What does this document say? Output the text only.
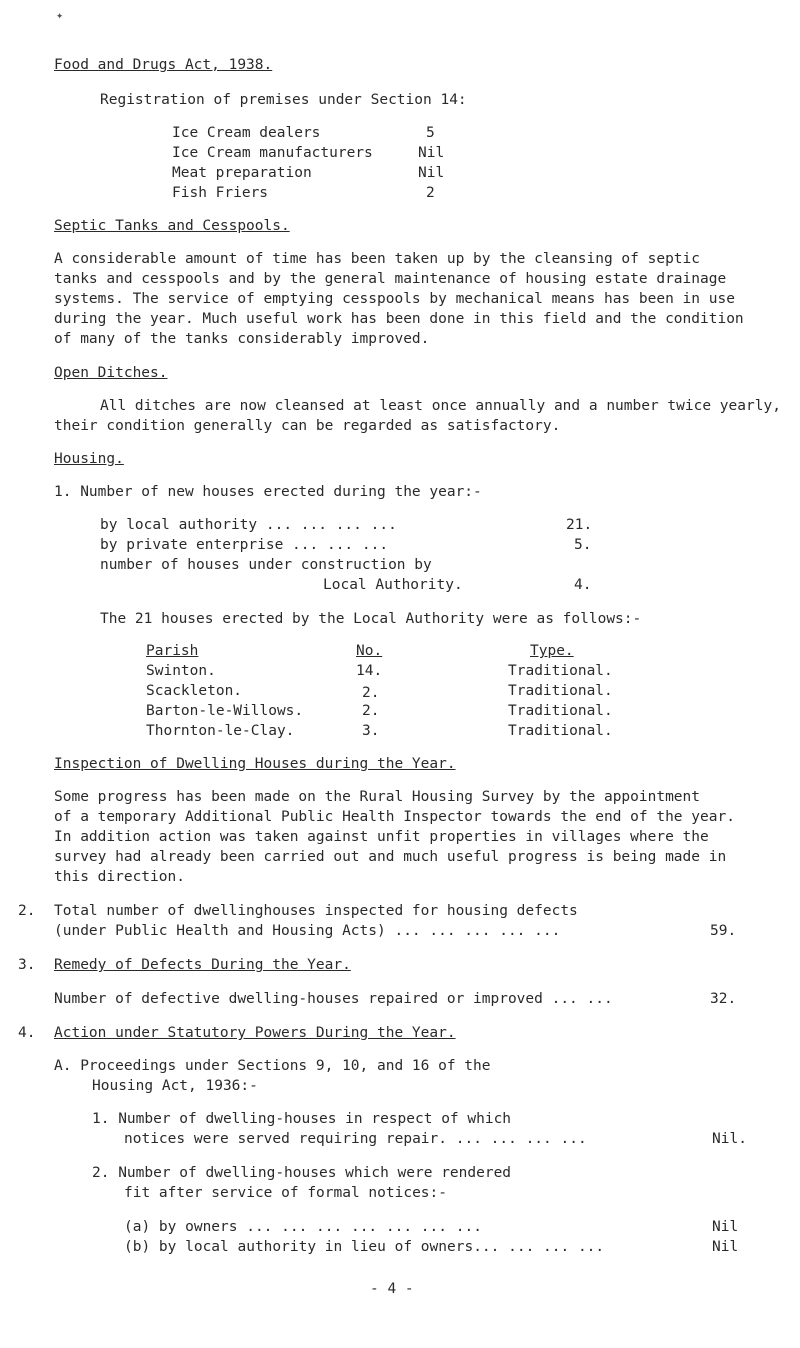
✦
Food and Drugs Act, 1938.
Registration of premises under Section 14:
Ice Cream dealers	5
Ice Cream manufacturers	Nil
Meat preparation	Nil
Fish Friers	2
Septic Tanks and Cesspools.
A considerable amount of time has been taken up by the cleansing of septic
tanks and cesspools and by the general maintenance of housing estate drainage
systems. The service of emptying cesspools by mechanical means has been in use
during the year. Much useful work has been done in this field and the condition
of many of the tanks considerably improved.
Open Ditches.
All ditches are now cleansed at least once annually and a number twice yearly,
their condition generally can be regarded as satisfactory.
Housing.
1. Number of new houses erected during the year:-
by local authority ... ... ... ...	21.
by private enterprise ... ... ...	5.
number of houses under construction by
Local Authority.	4.
The 21 houses erected by the Local Authority were as follows:-
Parish	No.	Type.
Swinton.	14.	Traditional.
Scackleton.	2.	Traditional.
Barton-le-Willows.	2.	Traditional.
Thornton-le-Clay.	3.	Traditional.
Inspection of Dwelling Houses during the Year.
Some progress has been made on the Rural Housing Survey by the appointment
of a temporary Additional Public Health Inspector towards the end of the year.
In addition action was taken against unfit properties in villages where the
survey had already been carried out and much useful progress is being made in
this direction.
2. Total number of dwellinghouses inspected for housing defects
(under Public Health and Housing Acts) ... ... ... ... ...	59.
3. Remedy of Defects During the Year.
Number of defective dwelling-houses repaired or improved ... ...	32.
4. Action under Statutory Powers During the Year.
A. Proceedings under Sections 9, 10, and 16 of the
Housing Act, 1936:-
1. Number of dwelling-houses in respect of which
notices were served requiring repair. ... ... ... ...	Nil.
2. Number of dwelling-houses which were rendered
fit after service of formal notices:-
(a) by owners ... ... ... ... ... ... ...	Nil
(b) by local authority in lieu of owners... ... ... ...	Nil
- 4 -
